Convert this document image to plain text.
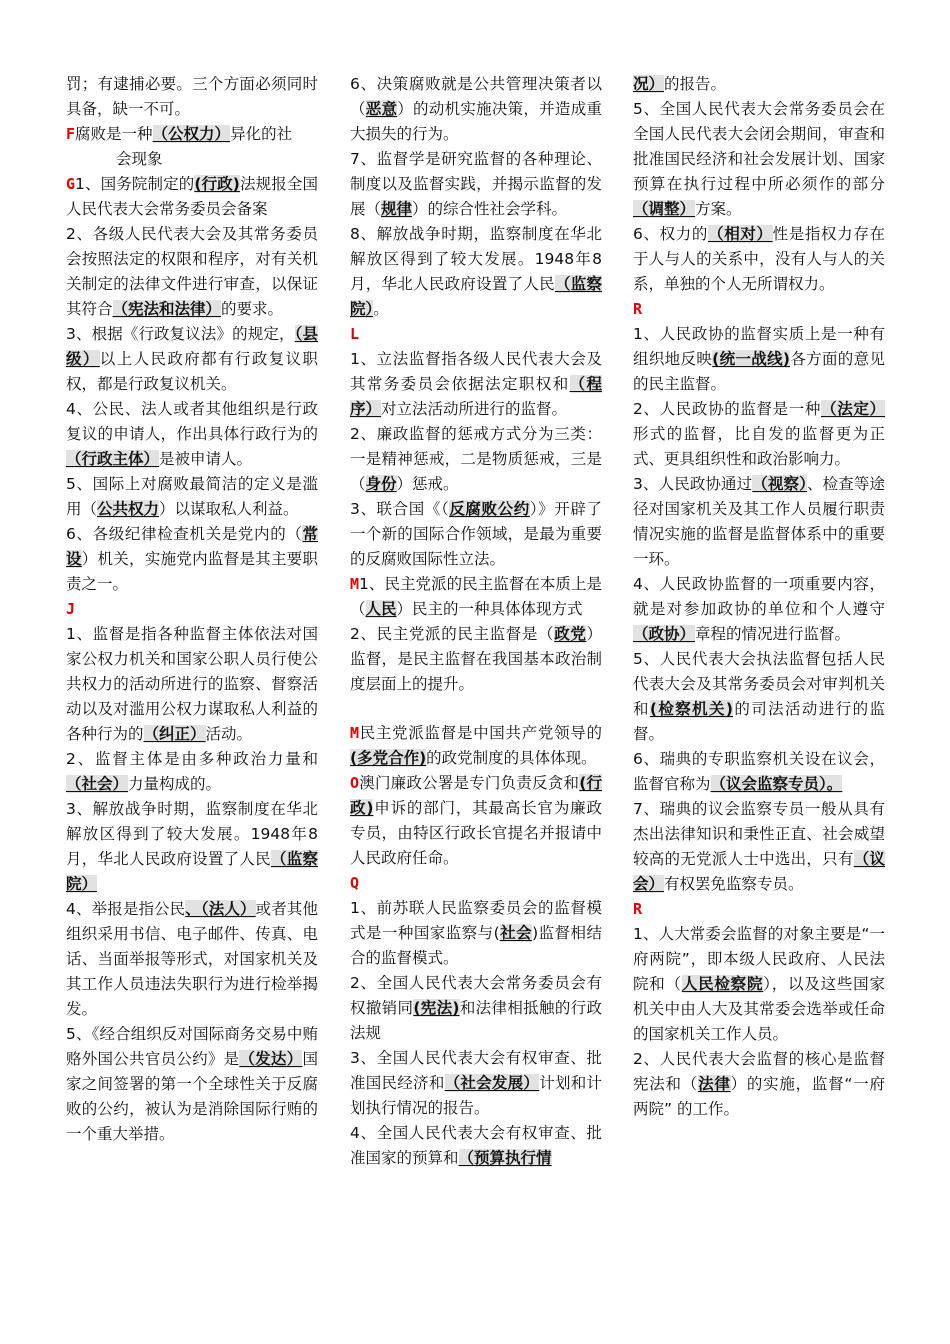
罚；有逮捕必要。三个方面必须同时具备，缺一不可。

F腐败是一种（公权力）异化的社

会现象

G1、国务院制定的(行政)法规报全国人民代表大会常务委员会备案

2、各级人民代表大会及其常务委员会按照法定的权限和程序，对有关机关制定的法律文件进行审查，以保证其符合（宪法和法律）的要求。

3、根据《行政复议法》的规定，（县级）以上人民政府都有行政复议职权，都是行政复议机关。

4、公民、法人或者其他组织是行政复议的申请人，作出具体行政行为的（行政主体）是被申请人。

5、国际上对腐败最简洁的定义是滥用（公共权力）以谋取私人利益。

6、各级纪律检查机关是党内的（常设）机关，实施党内监督是其主要职责之一。

J

1、监督是指各种监督主体依法对国家公权力机关和国家公职人员行使公共权力的活动所进行的监察、督察活动以及对滥用公权力谋取私人利益的各种行为的（纠正）活动。

2、监督主体是由多种政治力量和（社会）力量构成的。

3、解放战争时期，监察制度在华北解放区得到了较大发展。1948年8月，华北人民政府设置了人民（监察院）

4、举报是指公民、（法人）或者其他组织采用书信、电子邮件、传真、电话、当面举报等形式，对国家机关及其工作人员违法失职行为进行检举揭发。

5、《经合组织反对国际商务交易中贿赂外国公共官员公约》是（发达）国家之间签署的第一个全球性关于反腐败的公约，被认为是消除国际行贿的一个重大举措。

6、决策腐败就是公共管理决策者以（恶意）的动机实施决策，并造成重大损失的行为。

7、监督学是研究监督的各种理论、制度以及监督实践，并揭示监督的发展（规律）的综合性社会学科。

8、解放战争时期，监察制度在华北解放区得到了较大发展。1948年8月，华北人民政府设置了人民（监察院）。

L

1、立法监督指各级人民代表大会及其常务委员会依据法定职权和（程序）对立法活动所进行的监督。

2、廉政监督的惩戒方式分为三类：一是精神惩戒，二是物质惩戒，三是（身份）惩戒。

3、联合国《（反腐败公约）》开辟了一个新的国际合作领域，是最为重要的反腐败国际性立法。

M1、民主党派的民主监督在本质上是（人民）民主的一种具体体现方式

2、民主党派的民主监督是（政党）监督，是民主监督在我国基本政治制度层面上的提升。

M民主党派监督是中国共产党领导的(多党合作)的政党制度的具体体现。

O澳门廉政公署是专门负责反贪和(行政)申诉的部门，其最高长官为廉政专员，由特区行政长官提名并报请中 人民政府任命。

Q

1、前苏联人民监察委员会的监督模式是一种国家监察与(社会)监督相结合的监督模式。

2、全国人民代表大会常务委员会有权撤销同(宪法)和法律相抵触的行政法规

3、全国人民代表大会有权审查、批准国民经济和（社会发展）计划和计划执行情况的报告。

4、全国人民代表大会有权审查、批准国家的预算和（预算执行情

况）的报告。

5、全国人民代表大会常务委员会在全国人民代表大会闭会期间，审查和批准国民经济和社会发展计划、国家预算在执行过程中所必须作的部分（调整）方案。

6、权力的（相对）性是指权力存在于人与人的关系中，没有人与人的关系，单独的个人无所谓权力。

R

1、人民政协的监督实质上是一种有组织地反映(统一战线)各方面的意见的民主监督。

2、人民政协的监督是一种（法定）形式的监督，比自发的监督更为正式、更具组织性和政治影响力。

3、人民政协通过（视察）、检查等途径对国家机关及其工作人员履行职责情况实施的监督是监督体系中的重要一环。

4、人民政协监督的一项重要内容，就是对参加政协的单位和个人遵守（政协）章程的情况进行监督。

5、人民代表大会执法监督包括人民代表大会及其常务委员会对审判机关和(检察机关)的司法活动进行的监督。

6、瑞典的专职监察机关设在议会，监督官称为（议会监察专员）。

7、瑞典的议会监察专员一般从具有杰出法律知识和秉性正直、社会威望较高的无党派人士中选出，只有（议会）有权罢免监察专员。

R

1、人大常委会监督的对象主要是“一府两院”，即本级人民政府、人民法院和（人民检察院），以及这些国家机关中由人大及其常委会选举或任命的国家机关工作人员。

2、人民代表大会监督的核心是监督宪法和（法律）的实施，监督“一府两院” 的工作。
